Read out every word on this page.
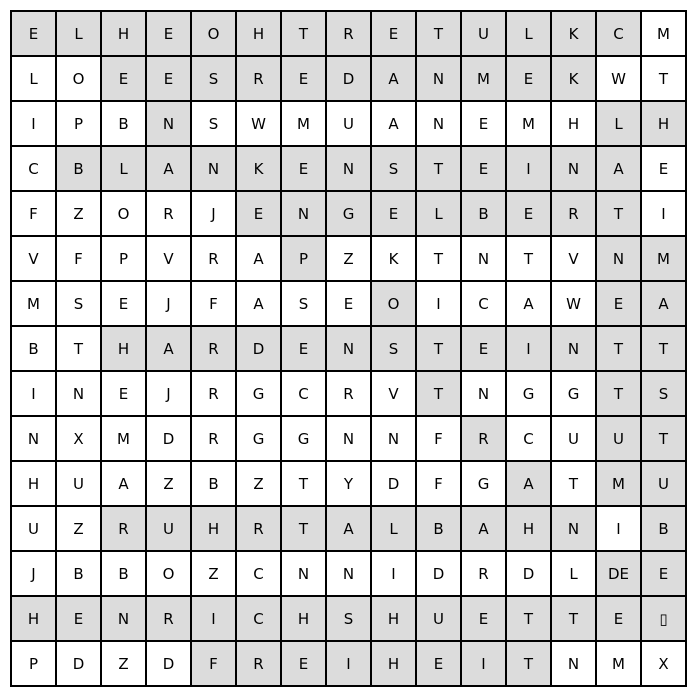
E	L	H	E	O	H	T	R	E	T	U	L	K	C	M
L	O	E	E	S	R	E	D	A	N	M	E	K	W	T
I	P	B	N	S	W	M	U	A	N	E	M	H	L	H
C	B	L	A	N	K	E	N	S	T	E	I	N	A	E
F	Z	O	R	J	E	N	G	E	L	B	E	R	T	I
V	F	P	V	R	A	P	Z	K	T	N	T	V	N	M
M	S	E	J	F	A	S	E	O	I	C	A	W	E	A
B	T	H	A	R	D	E	N	S	T	E	I	N	T	T
I	N	E	J	R	G	C	R	V	T	N	G	G	T	S
N	X	M	D	R	G	G	N	N	F	R	C	U	U	T
H	U	A	Z	B	Z	T	Y	D	F	G	A	T	M	U
U	Z	R	U	H	R	T	A	L	B	A	H	N	I	B
J	B	B	O	Z	C	N	N	I	D	R	D	L	DE	E
H	E	N	R	I	C	H	S	H	U	E	T	T	E	▯
P	D	Z	D	F	R	E	I	H	E	I	T	N	M	X
